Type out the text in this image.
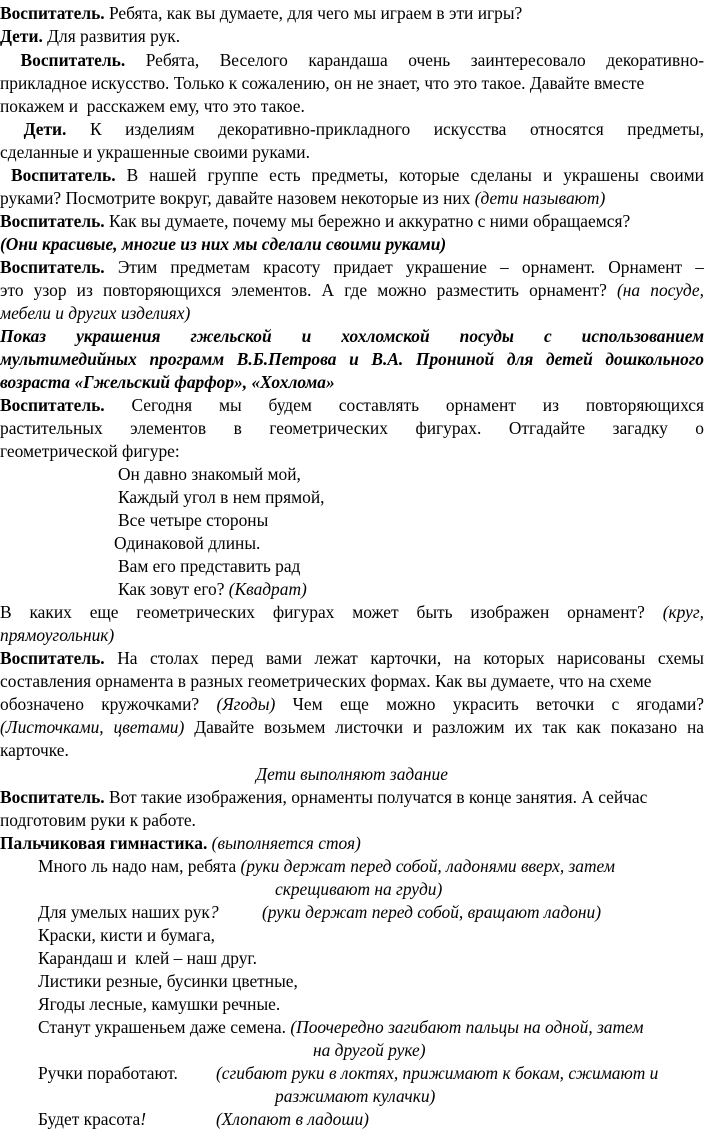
Воспитатель. Ребята, как вы думаете, для чего мы играем в эти игры?
Дети. Для развития рук.
Воспитатель. Ребята, Веселого карандаша очень заинтересовало декоративно-
прикладное искусство. Только к сожалению, он не знает, что это такое. Давайте вместе
покажем и  расскажем ему, что это такое.
Дети. К изделиям декоративно-прикладного искусства относятся предметы,
сделанные и украшенные своими руками.
Воспитатель. В нашей группе есть предметы, которые сделаны и украшены своими
руками? Посмотрите вокруг, давайте назовем некоторые из них (дети называют)
Воспитатель. Как вы думаете, почему мы бережно и аккуратно с ними обращаемся?
(Они красивые, многие из них мы сделали своими руками)
Воспитатель. Этим предметам красоту придает украшение – орнамент. Орнамент –
это узор из повторяющихся элементов. А где можно разместить орнамент? (на посуде,
мебели и других изделиях)
Показ украшения гжельской и хохломской посуды с использованием
мультимедийных программ В.Б.Петрова и В.А. Прониной для детей дошкольного
возраста «Гжельский фарфор», «Хохлома»
Воспитатель. Сегодня мы будем составлять орнамент из повторяющихся
растительных элементов в геометрических фигурах. Отгадайте загадку о
геометрической фигуре:
Он давно знакомый мой,
Каждый угол в нем прямой,
Все четыре стороны
Одинаковой длины.
Вам его представить рад
Как зовут его? (Квадрат)
В каких еще геометрических фигурах может быть изображен орнамент? (круг,
прямоугольник)
Воспитатель. На столах перед вами лежат карточки, на которых нарисованы схемы
составления орнамента в разных геометрических формах. Как вы думаете, что на схеме
обозначено кружочками? (Ягоды) Чем еще можно украсить веточки с ягодами?
(Листочками, цветами) Давайте возьмем листочки и разложим их так как показано на
карточке.
Дети выполняют задание
Воспитатель. Вот такие изображения, орнаменты получатся в конце занятия. А сейчас
подготовим руки к работе.
Пальчиковая гимнастика. (выполняется стоя)
Много ль надо нам, ребята (руки держат перед собой, ладонями вверх, затем
скрещивают на груди)
Для умелых наших рук?	(руки держат перед собой, вращают ладони)
Краски, кисти и бумага,
Карандаш и  клей – наш друг.
Листики резные, бусинки цветные,
Ягоды лесные, камушки речные.
Станут украшеньем даже семена. (Поочередно загибают пальцы на одной, затем
на другой руке)
Ручки поработают.	(сгибают руки в локтях, прижимают к бокам, сжимают и
разжимают кулачки)
Будет красота!	(Хлопают в ладоши)
